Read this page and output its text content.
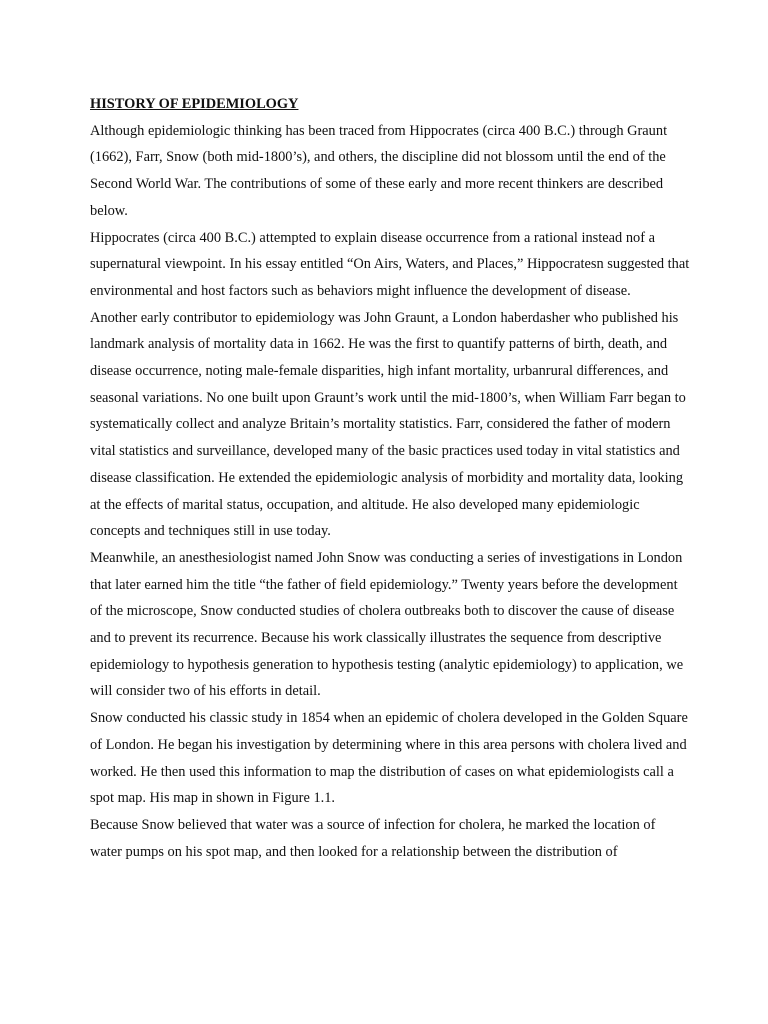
HISTORY OF EPIDEMIOLOGY

Although epidemiologic thinking has been traced from Hippocrates (circa 400 B.C.) through Graunt (1662), Farr, Snow (both mid-1800’s), and others, the discipline did not blossom until the end of the Second World War. The contributions of some of these early and more recent thinkers are described below.

Hippocrates (circa 400 B.C.) attempted to explain disease occurrence from a rational instead nof a supernatural viewpoint. In his essay entitled “On Airs, Waters, and Places,” Hippocratesn suggested that environmental and host factors such as behaviors might influence the development of disease.

Another early contributor to epidemiology was John Graunt, a London haberdasher who published his landmark analysis of mortality data in 1662. He was the first to quantify patterns of birth, death, and disease occurrence, noting male-female disparities, high infant mortality, urbanrural differences, and seasonal variations. No one built upon Graunt’s work until the mid-1800’s, when William Farr began to systematically collect and analyze Britain’s mortality statistics. Farr, considered the father of modern vital statistics and surveillance, developed many of the basic practices used today in vital statistics and disease classification. He extended the epidemiologic analysis of morbidity and mortality data, looking at the effects of marital status, occupation, and altitude. He also developed many epidemiologic concepts and techniques still in use today.

Meanwhile, an anesthesiologist named John Snow was conducting a series of investigations in London that later earned him the title “the father of field epidemiology.” Twenty years before the development of the microscope, Snow conducted studies of cholera outbreaks both to discover the cause of disease and to prevent its recurrence. Because his work classically illustrates the sequence from descriptive epidemiology to hypothesis generation to hypothesis testing (analytic epidemiology) to application, we will consider two of his efforts in detail.

Snow conducted his classic study in 1854 when an epidemic of cholera developed in the Golden Square of London. He began his investigation by determining where in this area persons with cholera lived and worked. He then used this information to map the distribution of cases on what epidemiologists call a spot map. His map in shown in Figure 1.1.

Because Snow believed that water was a source of infection for cholera, he marked the location of water pumps on his spot map, and then looked for a relationship between the distribution of
